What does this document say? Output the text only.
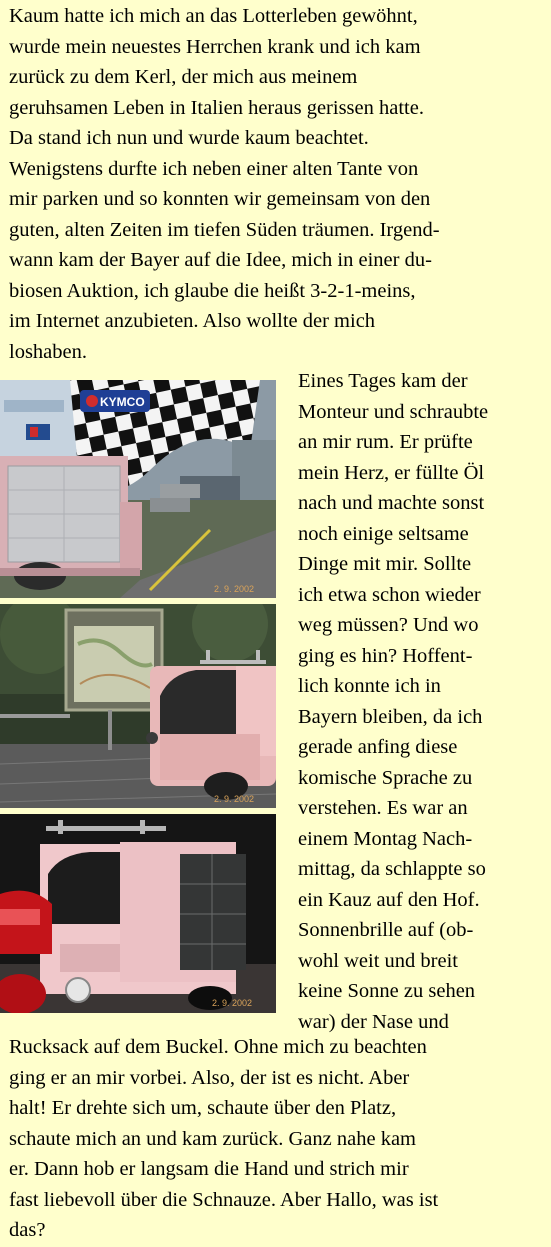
Kaum hatte ich mich an das Lotterleben gewöhnt,
wurde mein neuestes Herrchen krank und ich kam
zurück zu dem Kerl, der mich aus meinem
geruhsamen Leben in Italien heraus gerissen hatte.
Da stand ich nun und wurde kaum beachtet.
Wenigstens durfte ich neben einer alten Tante von
mir parken und so konnten wir gemeinsam von den
guten, alten Zeiten im tiefen Süden träumen. Irgend-
wann kam der Bayer auf die Idee, mich in einer du-
biosen Auktion, ich glaube die heißt 3-2-1-meins,
im Internet anzubieten. Also wollte der mich
loshaben.

KYMCO
2. 9. 2002
2. 9. 2002
2. 9. 2002

Eines Tages kam der
Monteur und schraubte
an mir rum. Er prüfte
mein Herz, er füllte Öl
nach und machte sonst
noch einige seltsame
Dinge mit mir. Sollte
ich etwa schon wieder
weg müssen? Und wo
ging es hin? Hoffent-
lich konnte ich in
Bayern bleiben, da ich
gerade anfing diese
komische Sprache zu
verstehen. Es war an
einem Montag Nach-
mittag, da schlappte so
ein Kauz auf den Hof.
Sonnenbrille auf (ob-
wohl weit und breit
keine Sonne zu sehen
war) der Nase und

Rucksack auf dem Buckel. Ohne mich zu beachten
ging er an mir vorbei. Also, der ist es nicht. Aber
halt! Er drehte sich um, schaute über den Platz,
schaute mich an und kam zurück. Ganz nahe kam
er. Dann hob er langsam die Hand und strich mir
fast liebevoll über die Schnauze. Aber Hallo, was ist
das?
